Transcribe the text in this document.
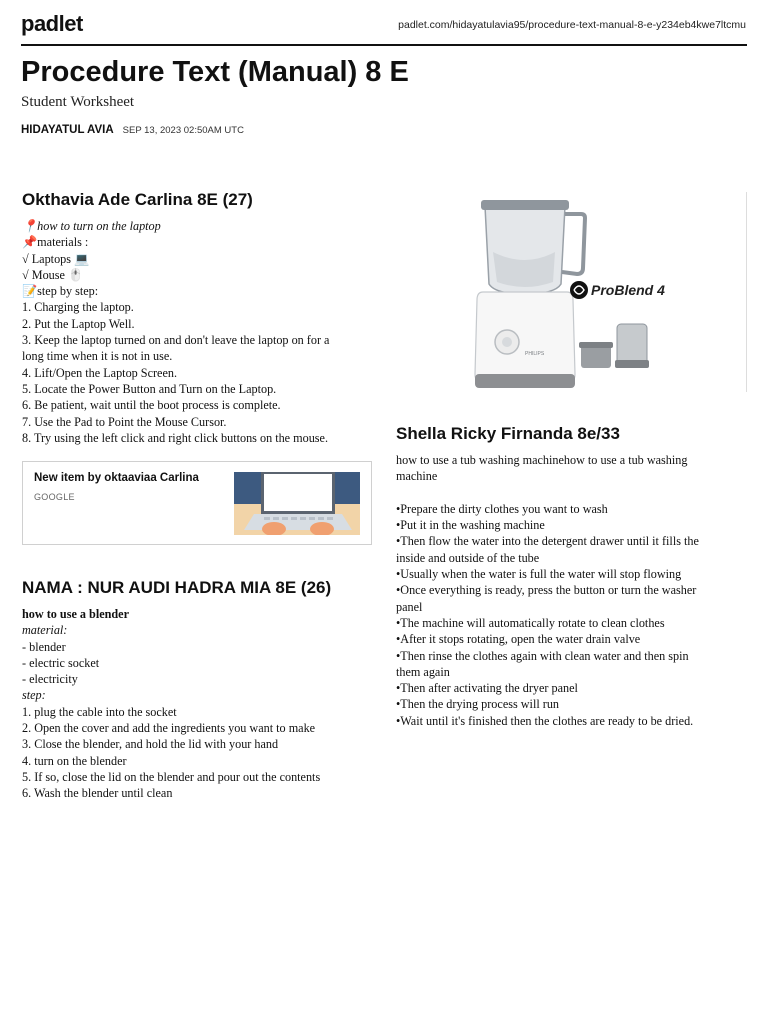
padlet	padlet.com/hidayatulavia95/procedure-text-manual-8-e-y234eb4kwe7ltcmu
Procedure Text (Manual) 8 E
Student Worksheet
HIDAYATUL AVIA SEP 13, 2023 02:50AM UTC
Okthavia Ade Carlina 8E (27)
📍how to turn on the laptop
📌materials :
√ Laptops 💻
√ Mouse 🖱️
📝step by step:
1. Charging the laptop.
2. Put the Laptop Well.
3. Keep the laptop turned on and don't leave the laptop on for a
long time when it is not in use.
4. Lift/Open the Laptop Screen.
5. Locate the Power Button and Turn on the Laptop.
6. Be patient, wait until the boot process is complete.
7. Use the Pad to Point the Mouse Cursor.
8. Try using the left click and right click buttons on the mouse.
New item by oktaaviaa Carlina
GOOGLE
NAMA : NUR AUDI HADRA MIA 8E (26)
how to use a blender
material:
- blender
- electric socket
- electricity
step:
1. plug the cable into the socket
2. Open the cover and add the ingredients you want to make
3. Close the blender, and hold the lid with your hand
4. turn on the blender
5. If so, close the lid on the blender and pour out the contents
6. Wash the blender until clean
PHILIPS
ProBlend 4
Shella Ricky Firnanda 8e/33
how to use a tub washing machinehow to use a tub washing
machine
•Prepare the dirty clothes you want to wash
•Put it in the washing machine
•Then flow the water into the detergent drawer until it fills the
inside and outside of the tube
•Usually when the water is full the water will stop flowing
•Once everything is ready, press the button or turn the washer
panel
•The machine will automatically rotate to clean clothes
•After it stops rotating, open the water drain valve
•Then rinse the clothes again with clean water and then spin
them again
•Then after activating the dryer panel
•Then the drying process will run
•Wait until it's finished then the clothes are ready to be dried.
